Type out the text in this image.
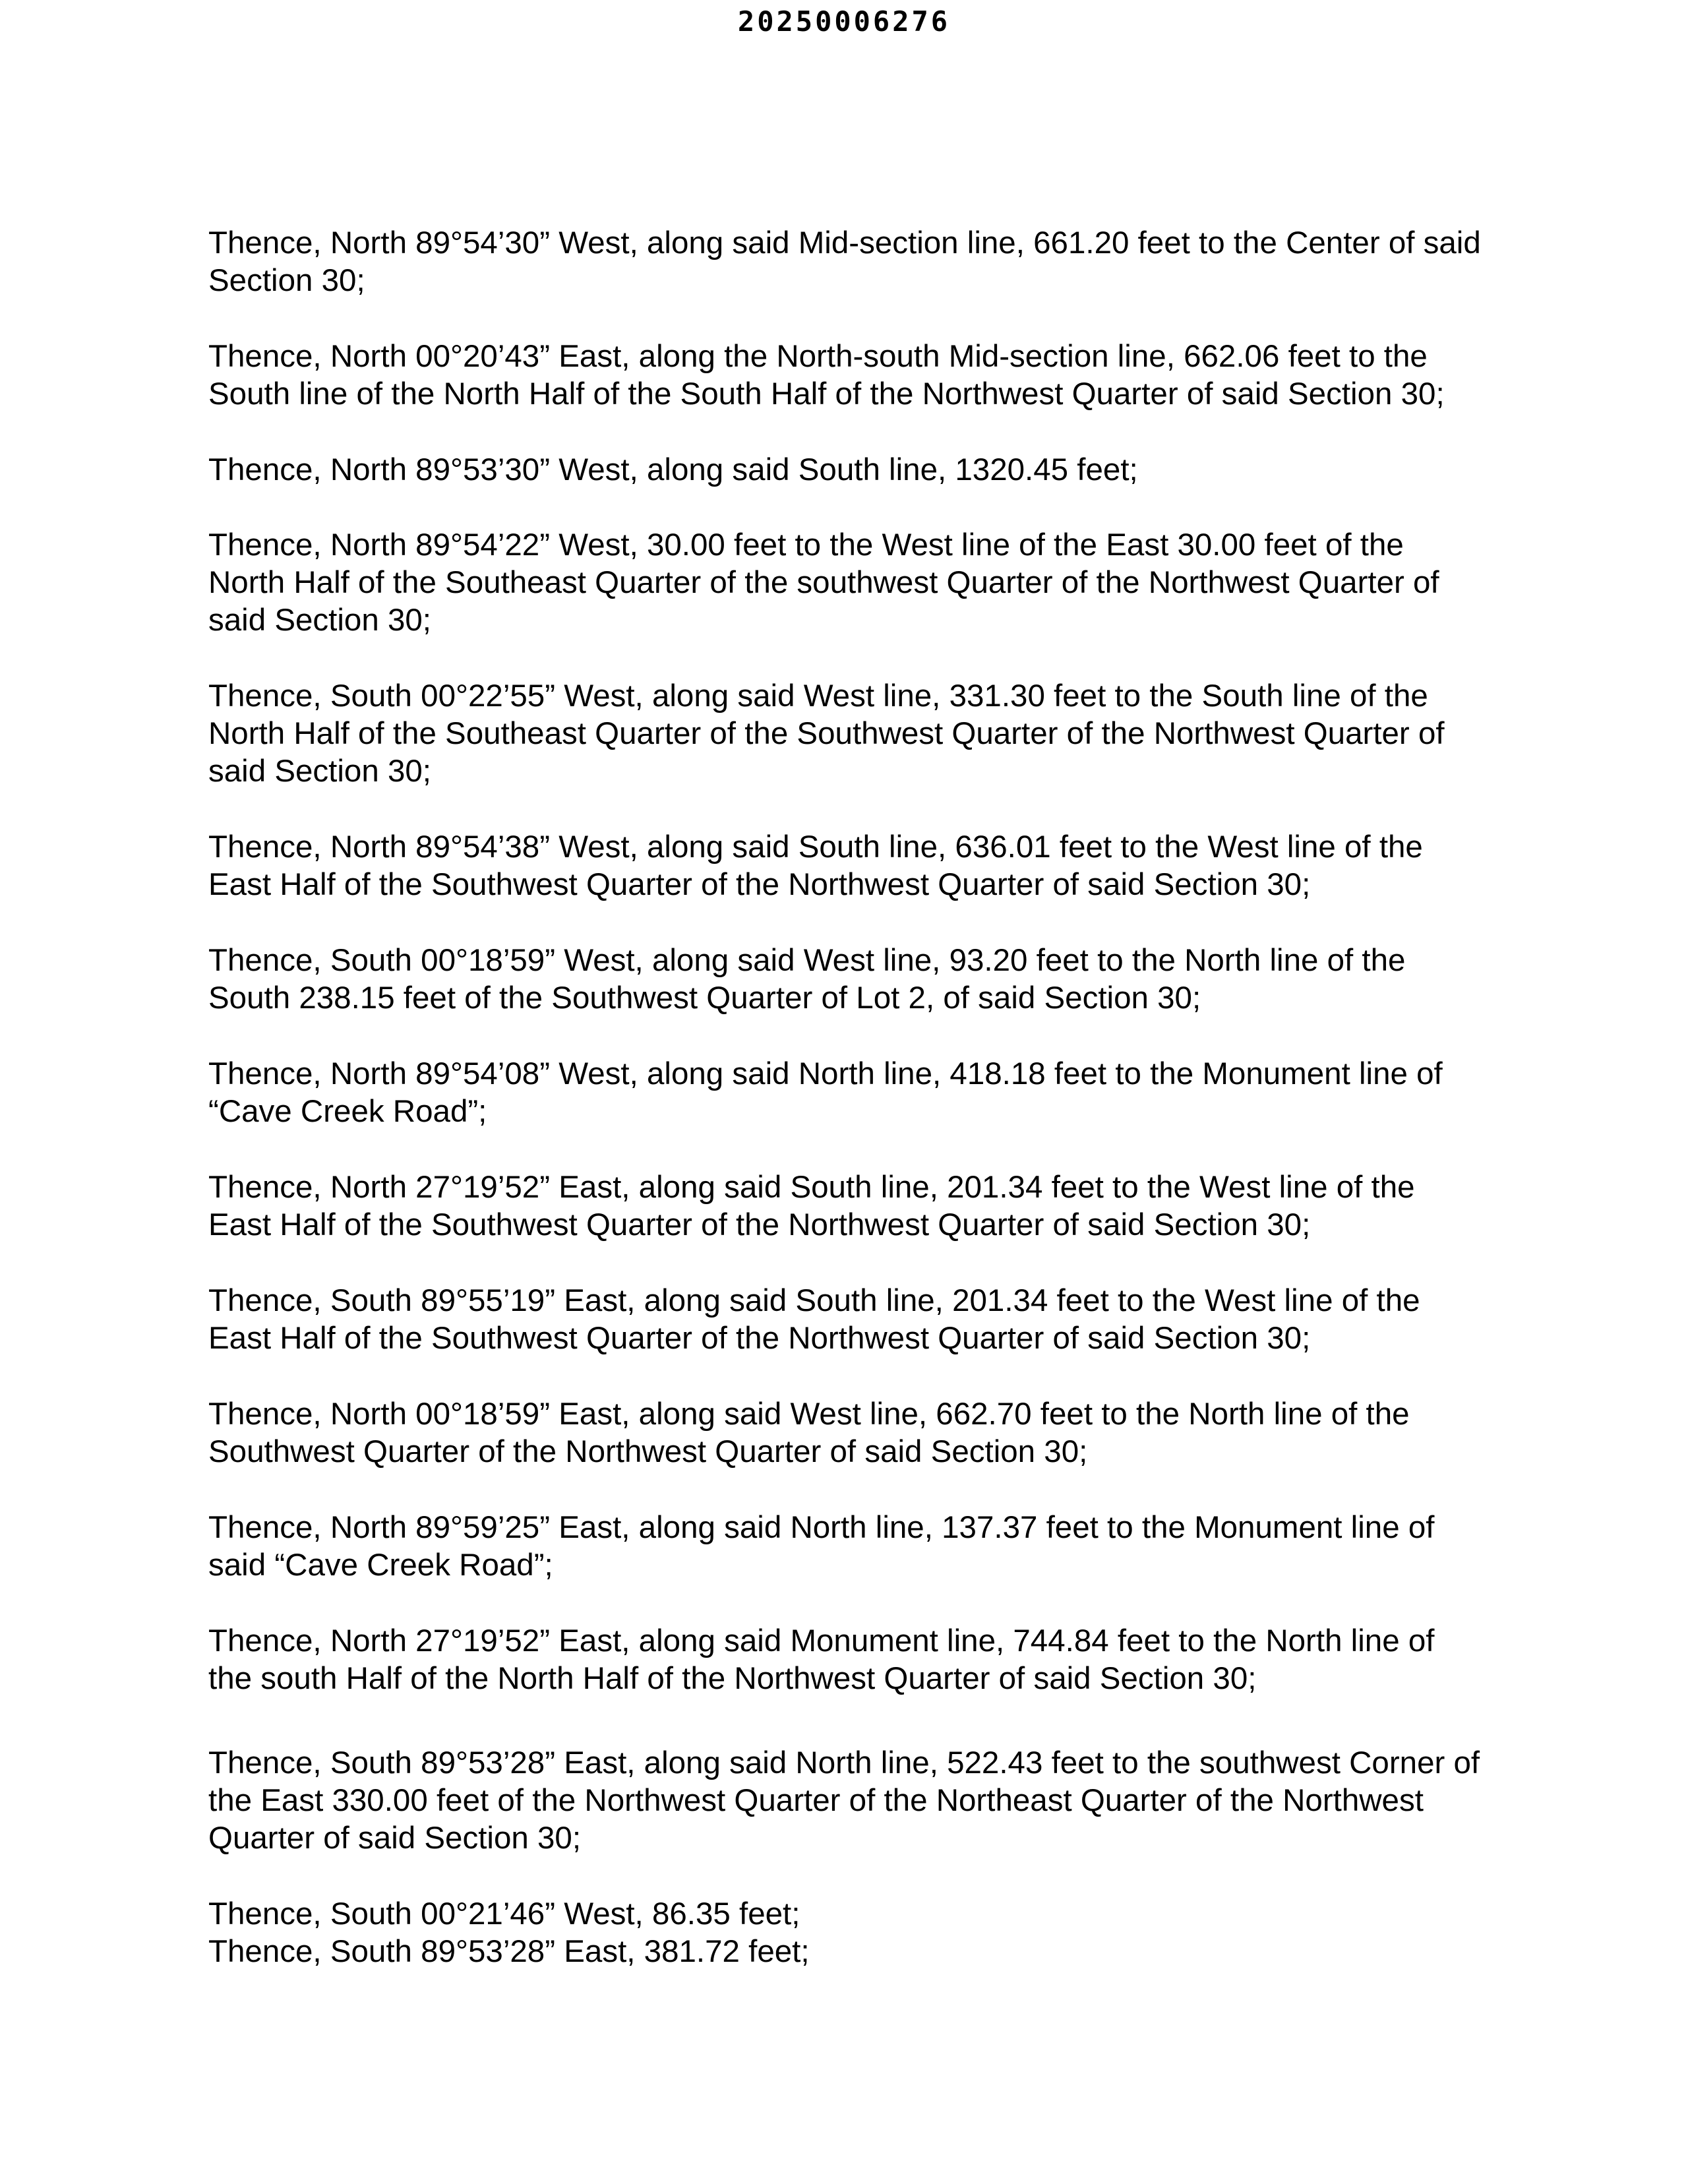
20250006276

Thence, North 89°54’30” West, along said Mid-section line, 661.20 feet to the Center of said Section 30;

Thence, North 00°20’43” East, along the North-south Mid-section line, 662.06 feet to the South line of the North Half of the South Half of the Northwest Quarter of said Section 30;

Thence, North 89°53’30” West, along said South line, 1320.45 feet;

Thence, North 89°54’22” West, 30.00 feet to the West line of the East 30.00 feet of the North Half of the Southeast Quarter of the southwest Quarter of the Northwest Quarter of said Section 30;

Thence, South 00°22’55” West, along said West line, 331.30 feet to the South line of the North Half of the Southeast Quarter of the Southwest Quarter of the Northwest Quarter of said Section 30;

Thence, North 89°54’38” West, along said South line, 636.01 feet to the West line of the East Half of the Southwest Quarter of the Northwest Quarter of said Section 30;

Thence, South 00°18’59” West, along said West line, 93.20 feet to the North line of the South 238.15 feet of the Southwest Quarter of Lot 2, of said Section 30;

Thence, North 89°54’08” West, along said North line, 418.18 feet to the Monument line of “Cave Creek Road”;

Thence, North 27°19’52” East, along said South line, 201.34 feet to the West line of the East Half of the Southwest Quarter of the Northwest Quarter of said Section 30;

Thence, South 89°55’19” East, along said South line, 201.34 feet to the West line of the East Half of the Southwest Quarter of the Northwest Quarter of said Section 30;

Thence, North 00°18’59” East, along said West line, 662.70 feet to the North line of the Southwest Quarter of the Northwest Quarter of said Section 30;

Thence, North 89°59’25” East, along said North line, 137.37 feet to the Monument line of said “Cave Creek Road”;

Thence, North 27°19’52” East, along said Monument line, 744.84 feet to the North line of the south Half of the North Half of the Northwest Quarter of said Section 30;

Thence, South 89°53’28” East, along said North line, 522.43 feet to the southwest Corner of the East 330.00 feet of the Northwest Quarter of the Northeast Quarter of the Northwest Quarter of said Section 30;

Thence, South 00°21’46” West, 86.35 feet;

Thence, South 89°53’28” East, 381.72 feet;
